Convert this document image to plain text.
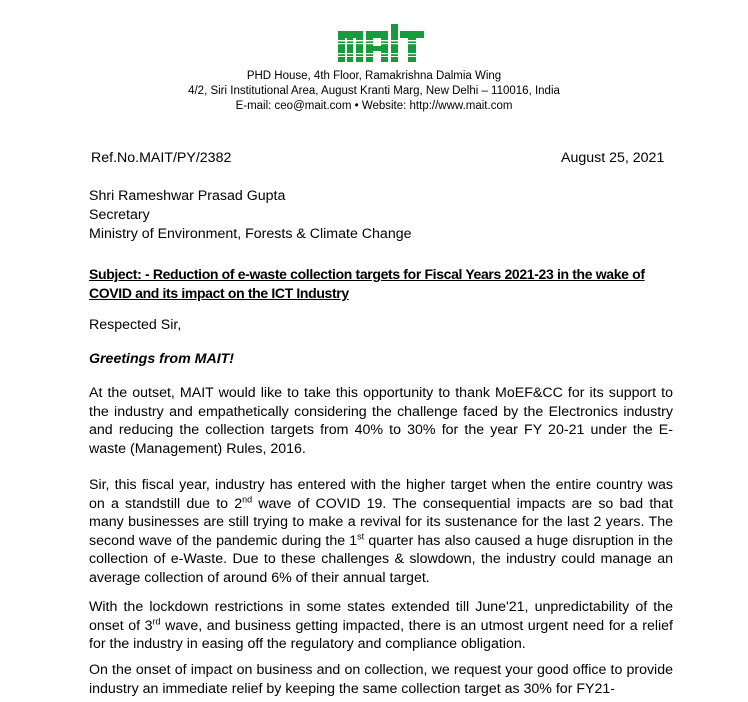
PHD House, 4th Floor, Ramakrishna Dalmia Wing
4/2, Siri Institutional Area, August Kranti Marg, New Delhi – 110016, India
E-mail: ceo@mait.com • Website: http://www.mait.com
Ref.No.MAIT/PY/2382	August 25, 2021
Shri Rameshwar Prasad Gupta
Secretary
Ministry of Environment, Forests & Climate Change
Subject: - Reduction of e-waste collection targets for Fiscal Years 2021-23 in the wake of COVID and its impact on the ICT Industry
Respected Sir,
Greetings from MAIT!
At the outset, MAIT would like to take this opportunity to thank MoEF&CC for its support to the industry and empathetically considering the challenge faced by the Electronics industry and reducing the collection targets from 40% to 30% for the year FY 20-21 under the E-waste (Management) Rules, 2016.
Sir, this fiscal year, industry has entered with the higher target when the entire country was on a standstill due to 2nd wave of COVID 19. The consequential impacts are so bad that many businesses are still trying to make a revival for its sustenance for the last 2 years. The second wave of the pandemic during the 1st quarter has also caused a huge disruption in the collection of e-Waste. Due to these challenges & slowdown, the industry could manage an average collection of around 6% of their annual target.
With the lockdown restrictions in some states extended till June'21, unpredictability of the onset of 3rd wave, and business getting impacted, there is an utmost urgent need for a relief for the industry in easing off the regulatory and compliance obligation.
On the onset of impact on business and on collection, we request your good office to provide industry an immediate relief by keeping the same collection target as 30% for FY21-
